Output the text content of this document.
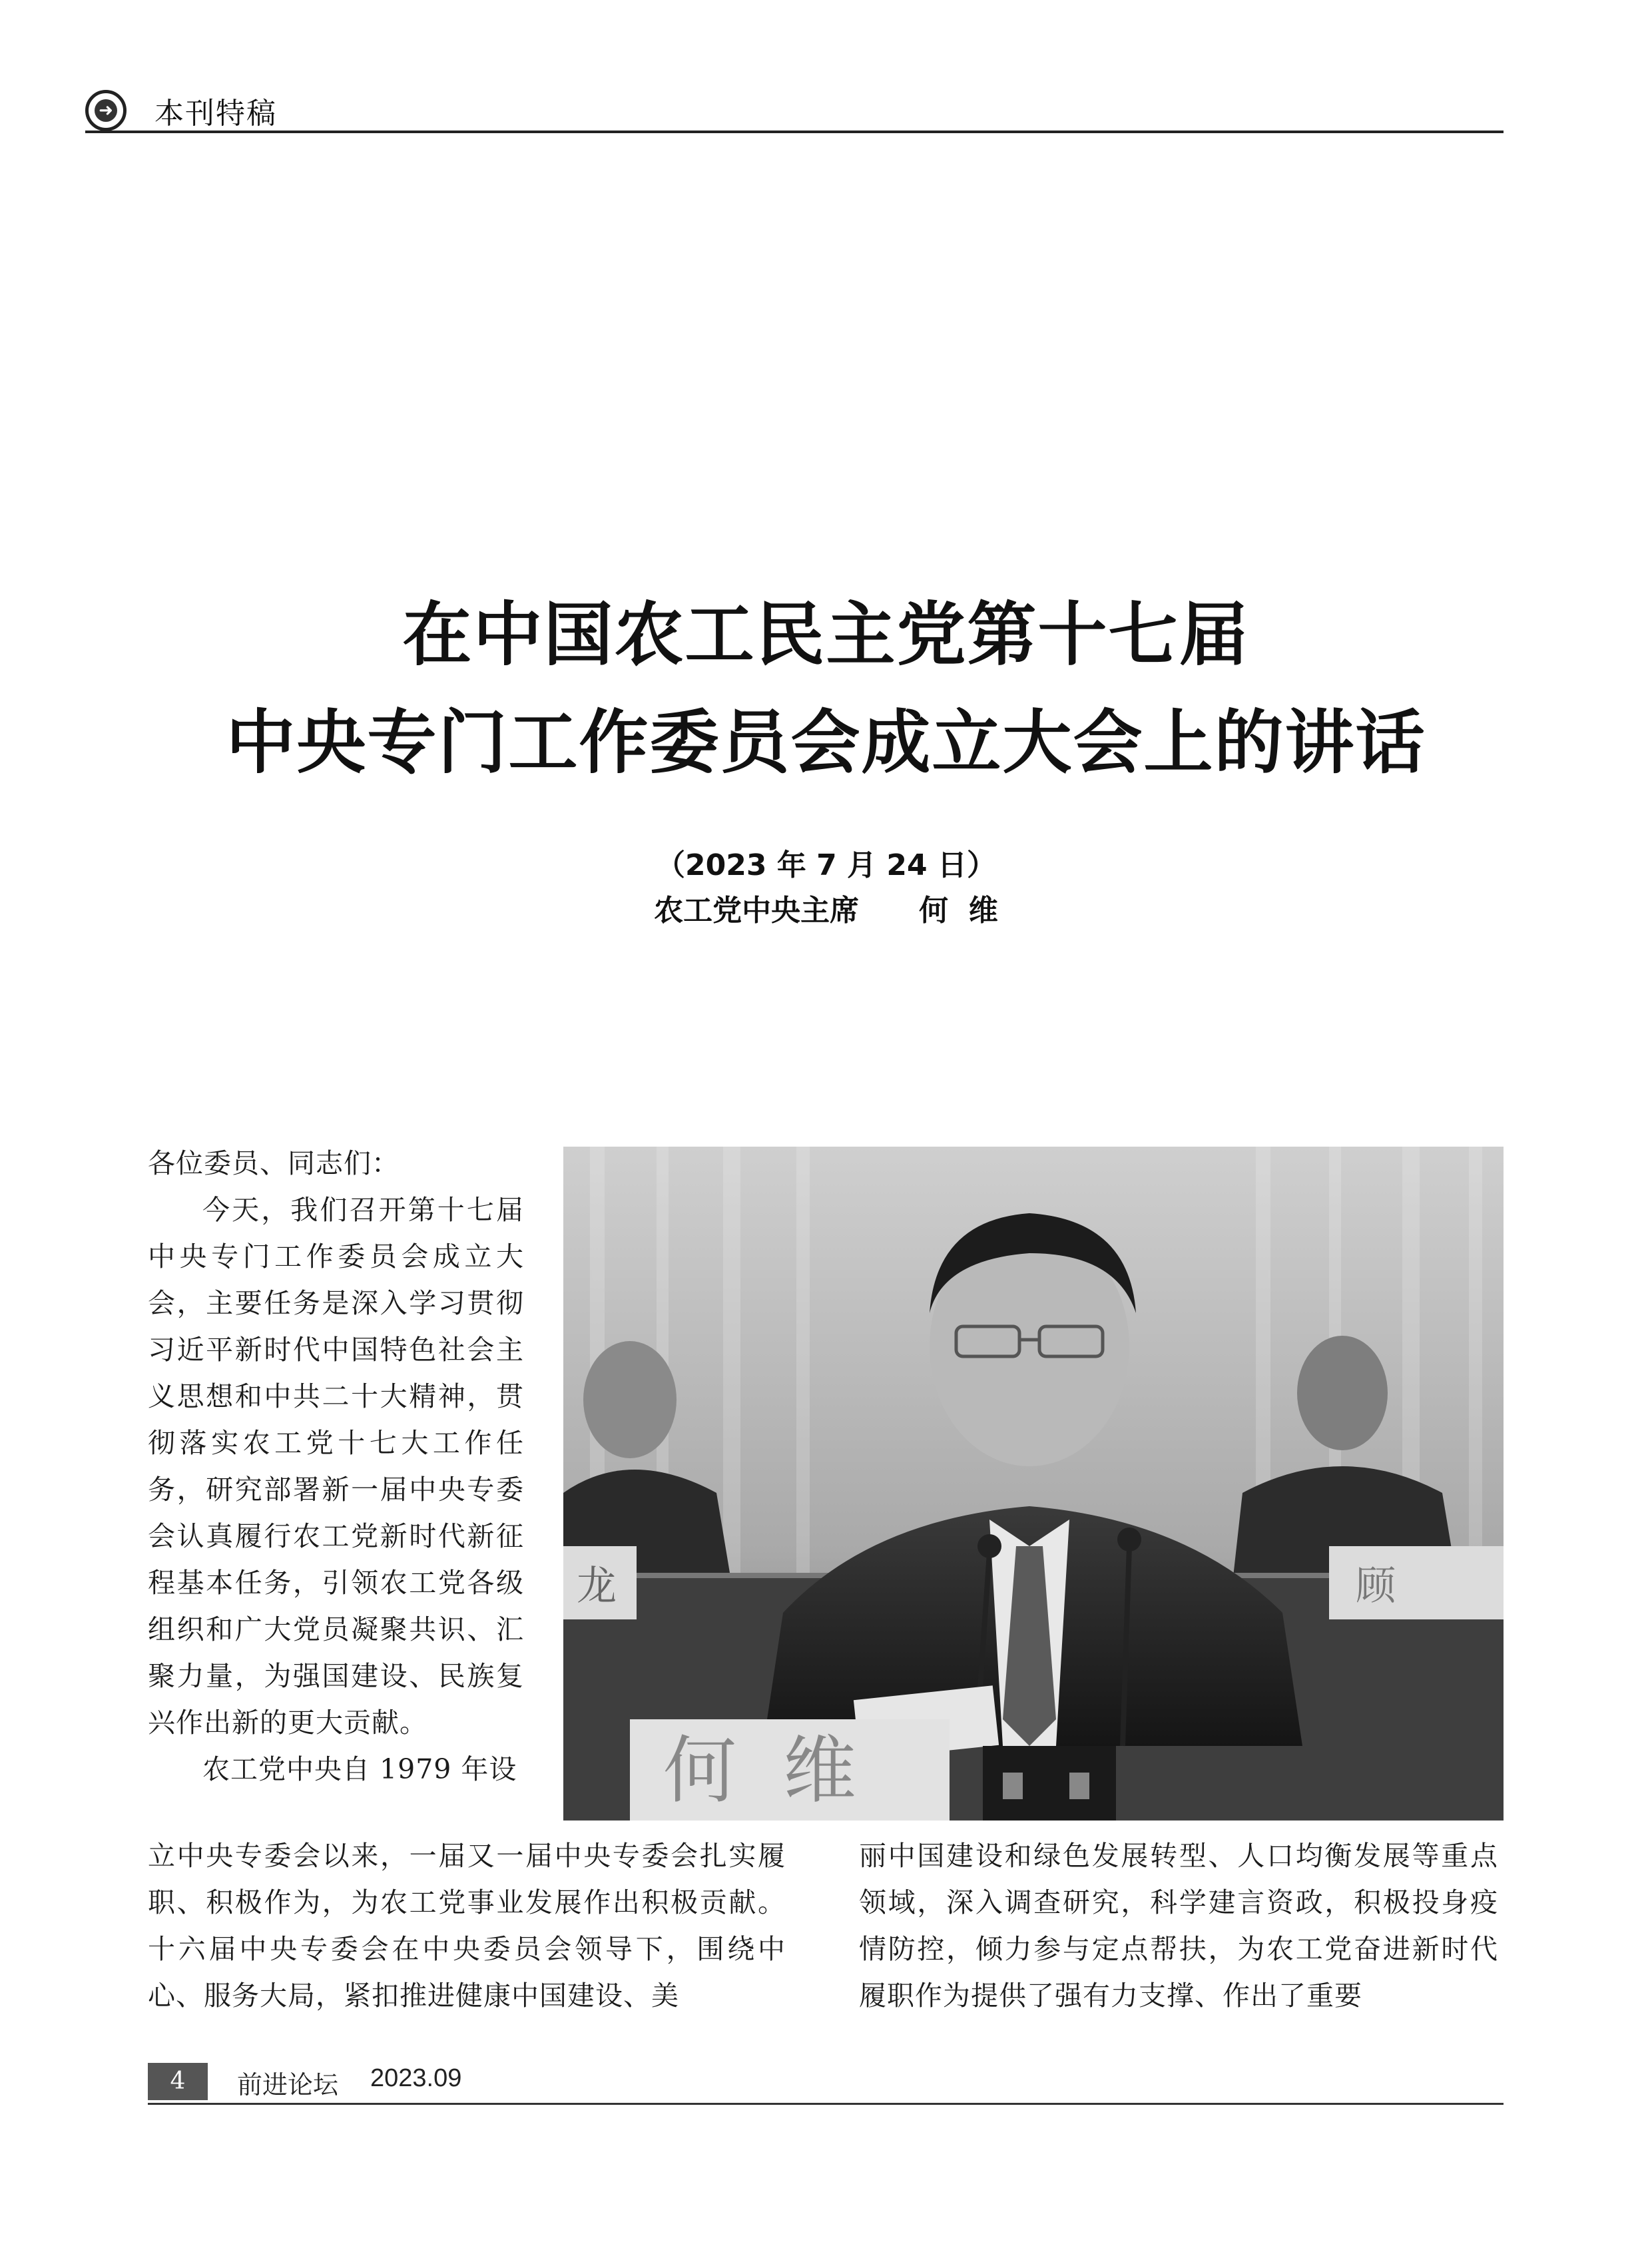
➜ 本刊特稿
在中国农工民主党第十七届
中央专门工作委员会成立大会上的讲话
（2023 年 7 月 24 日）
农工党中央主席 何  维

各位委员、同志们：

今天，我们召开第十七届中央专门工作委员会成立大会，主要任务是深入学习贯彻习近平新时代中国特色社会主义思想和中共二十大精神，贯彻落实农工党十七大工作任务，研究部署新一届中央专委会认真履行农工党新时代新征程基本任务，引领农工党各级组织和广大党员凝聚共识、汇聚力量，为强国建设、民族复兴作出新的更大贡献。

农工党中央自 1979 年设

龙	顾
何  维

立中央专委会以来，一届又一届中央专委会扎实履职、积极作为，为农工党事业发展作出积极贡献。十六届中央专委会在中央委员会领导下，围绕中心、服务大局，紧扣推进健康中国建设、美

丽中国建设和绿色发展转型、人口均衡发展等重点领域，深入调查研究，科学建言资政，积极投身疫情防控，倾力参与定点帮扶，为农工党奋进新时代履职作为提供了强有力支撑、作出了重要

4	前进论坛 2023.09
